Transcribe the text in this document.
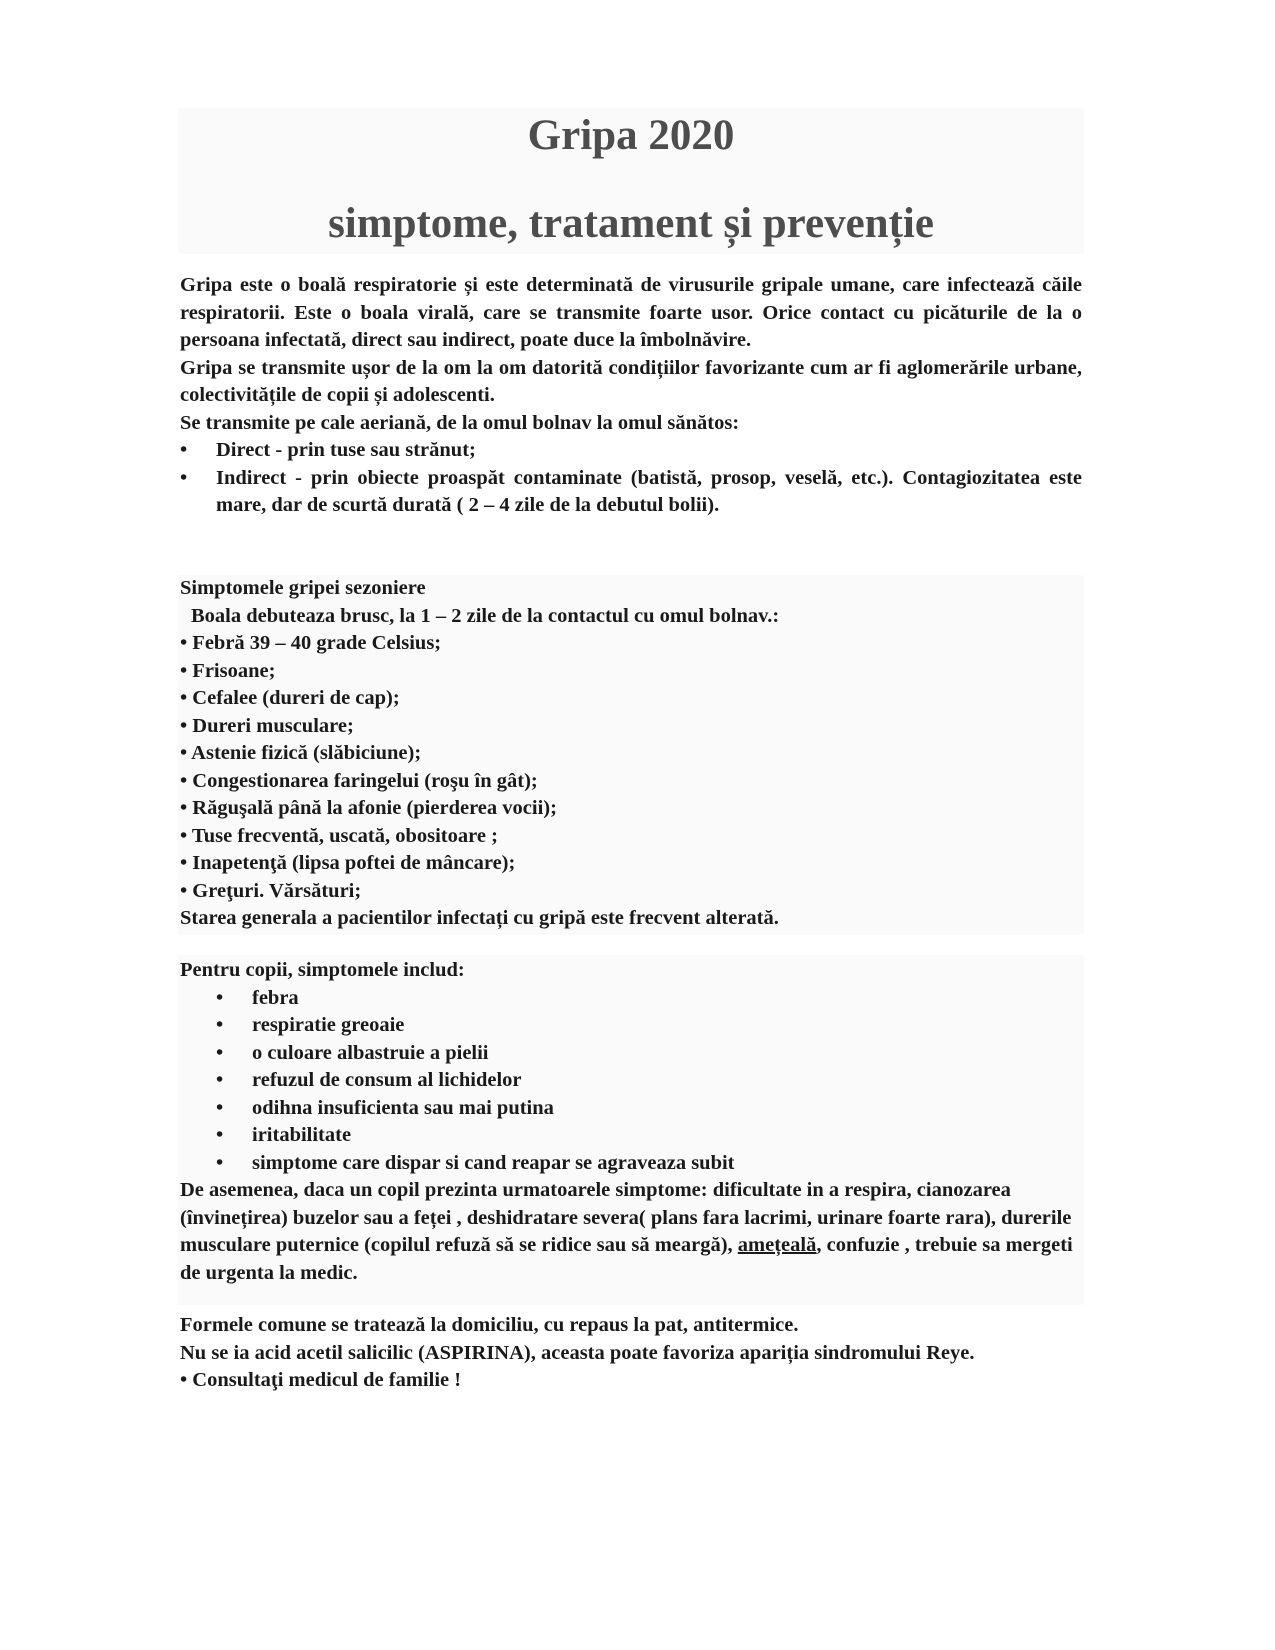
Gripa 2020
simptome, tratament și prevenție

Gripa este o boală respiratorie și este determinată de virusurile gripale umane, care infectează căile respiratorii. Este o boala virală, care se transmite foarte usor. Orice contact cu picăturile de la o persoana infectată, direct sau indirect, poate duce la îmbolnăvire.

Gripa se transmite ușor de la om la om datorită condițiilor favorizante cum ar fi aglomerările urbane, colectivitățile de copii și adolescenti.

Se transmite pe cale aeriană, de la omul bolnav la omul sănătos:

•	Direct - prin tuse sau strănut;
•	Indirect - prin obiecte proaspăt contaminate (batistă, prosop, veselă, etc.). Contagiozitatea este mare, dar de scurtă durată ( 2 – 4 zile de la debutul bolii).

Simptomele gripei sezoniere

Boala debuteaza brusc, la 1 – 2 zile de la contactul cu omul bolnav.:

• Febră 39 – 40 grade Celsius;

• Frisoane;

• Cefalee (dureri de cap);

• Dureri musculare;

• Astenie fizică (slăbiciune);

• Congestionarea faringelui (roşu în gât);

• Răguşală până la afonie (pierderea vocii);

• Tuse frecventă, uscată, obositoare ;

• Inapetenţă (lipsa poftei de mâncare);

• Greţuri. Vărsături;

Starea generala a pacientilor infectați cu gripă este frecvent alterată.

Pentru copii, simptomele includ:

•	febra
•	respiratie greoaie
•	o culoare albastruie a pielii
•	refuzul de consum al lichidelor
•	odihna insuficienta sau mai putina
•	iritabilitate
•	simptome care dispar si cand reapar se agraveaza subit

De asemenea, daca un copil prezinta urmatoarele simptome: dificultate in a respira, cianozarea (învinețirea) buzelor sau a feței , deshidratare severa( plans fara lacrimi, urinare foarte rara), durerile musculare puternice (copilul refuză să se ridice sau să meargă), amețeală, confuzie , trebuie sa mergeti de urgenta la medic.

Formele comune se tratează la domiciliu, cu repaus la pat, antitermice.

Nu se ia acid acetil salicilic (ASPIRINA), aceasta poate favoriza apariția sindromului Reye.

• Consultaţi medicul de familie !
